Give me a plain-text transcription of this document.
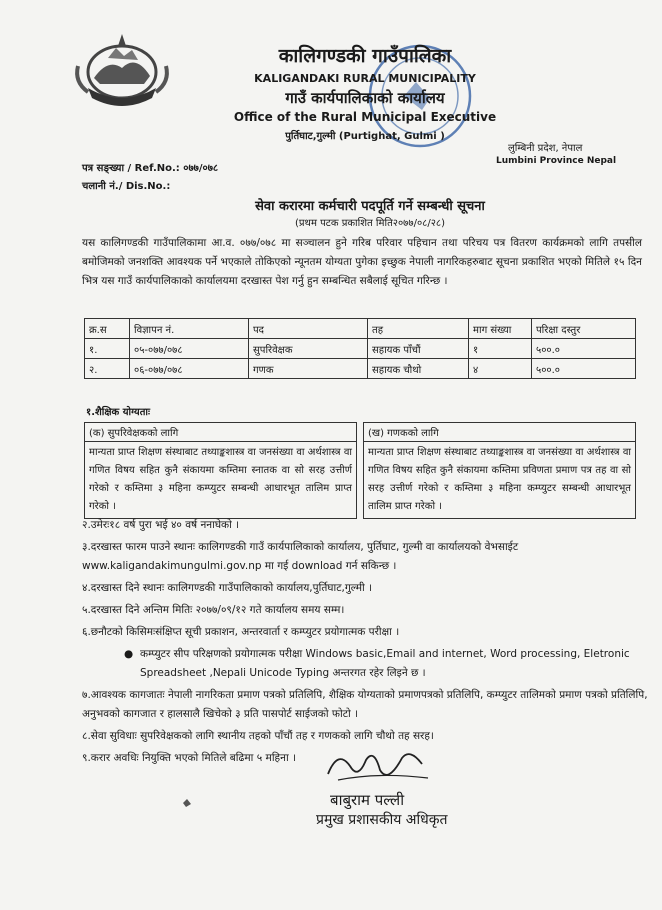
कालिगण्डकी गाउँपालिका
KALIGANDAKI RURAL MUNICIPALITY
गाउँ कार्यपालिकाको कार्यालय
Office of the Rural Municipal Executive
पुर्तिघाट,गुल्मी (Purtighat, Gulmi )
लुम्बिनी प्रदेश, नेपाल
Lumbini Province Nepal
पत्र सङ्ख्या / Ref.No.: ०७७/०७८
चलानी नं./ Dis.No.:
सेवा करारमा कर्मचारी पदपूर्ति गर्ने सम्बन्धी सूचना
(प्रथम पटक प्रकाशित मिति२०७७/०८/२८)
यस कालिगण्डकी गाउँपालिकामा आ.व. ०७७/०७८ मा सञ्चालन हुने गरिब परिवार पहिचान तथा परिचय पत्र वितरण कार्यक्रमको लागि तपसील बमोजिमको जनशक्ति आवश्यक पर्ने भएकाले तोकिएको न्यूनतम योग्यता पुगेका इच्छुक नेपाली नागरिकहरुबाट सूचना प्रकाशित भएको मितिले १५ दिन भित्र यस गाउँ कार्यपालिकाको कार्यालयमा दरखास्त पेश गर्नु हुन सम्बन्धित सबैलाई सूचित गरिन्छ ।
क्र.स	विज्ञापन नं.	पद	तह	माग संख्या	परिक्षा दस्तुर
१.	०५-०७७/०७८	सुपरिवेक्षक	सहायक पाँचौं	१	५००.०
२.	०६-०७७/०७८	गणक	सहायक चौथो	४	५००.०
१.शैक्षिक योग्यताः
(क) सुपरिवेक्षकको लागि
मान्यता प्राप्त शिक्षण संस्थाबाट तथ्याङ्कशास्त्र वा जनसंख्या वा अर्थशास्त्र वा गणित विषय सहित कुनै संकायमा कम्तिमा स्नातक वा सो सरह उत्तीर्ण गरेको र कम्तिमा ३ महिना कम्प्युटर सम्बन्धी आधारभूत तालिम प्राप्त गरेको ।
(ख) गणकको लागि
मान्यता प्राप्त शिक्षण संस्थाबाट तथ्याङ्कशास्त्र वा जनसंख्या वा अर्थशास्त्र वा गणित विषय सहित कुनै संकायमा कम्तिमा प्रविणता प्रमाण पत्र तह वा सो सरह उत्तीर्ण गरेको र कम्तिमा ३ महिना कम्प्युटर सम्बन्धी आधारभूत तालिम प्राप्त गरेको ।
२.उमेरः१८ वर्ष पुरा भई ४० वर्ष ननाघेको ।
३.दरखास्त फारम पाउने स्थानः कालिगण्डकी गाउँ कार्यपालिकाको कार्यालय, पुर्तिघाट, गुल्मी वा कार्यालयको वेभसाईट www.kaligandakimungulmi.gov.np मा गई download गर्न सकिन्छ ।
४.दरखास्त दिने स्थानः कालिगण्डकी गाउँपालिकाको कार्यालय,पुर्तिघाट,गुल्मी ।
५.दरखास्त दिने अन्तिम मितिः २०७७/०९/१२ गते कार्यालय समय सम्म।
६.छनौटको किसिमःसंक्षिप्त सूची प्रकाशन, अन्तरवार्ता र कम्प्युटर प्रयोगात्मक परीक्षा ।
● कम्प्युटर सीप परिक्षणको प्रयोगात्मक परीक्षा Windows basic,Email and internet, Word processing, Eletronic Spreadsheet ,Nepali Unicode Typing अन्तरगत रहेर लिइने छ ।
७.आवश्यक कागजातः नेपाली नागरिकता प्रमाण पत्रको प्रतिलिपि, शैक्षिक योग्यताको प्रमाणपत्रको प्रतिलिपि, कम्प्युटर तालिमको प्रमाण पत्रको प्रतिलिपि, अनुभवको कागजात र हालसालै खिचेको ३ प्रति पासपोर्ट साईजको फोटो ।
८.सेवा सुविधाः सुपरिवेक्षकको लागि स्थानीय तहको पाँचौं तह र गणकको लागि चौथो तह सरह।
९.करार अवधिः नियुक्ति भएको मितिले बढिमा ५ महिना ।
बाबुराम पल्ली
प्रमुख प्रशासकीय अधिकृत
